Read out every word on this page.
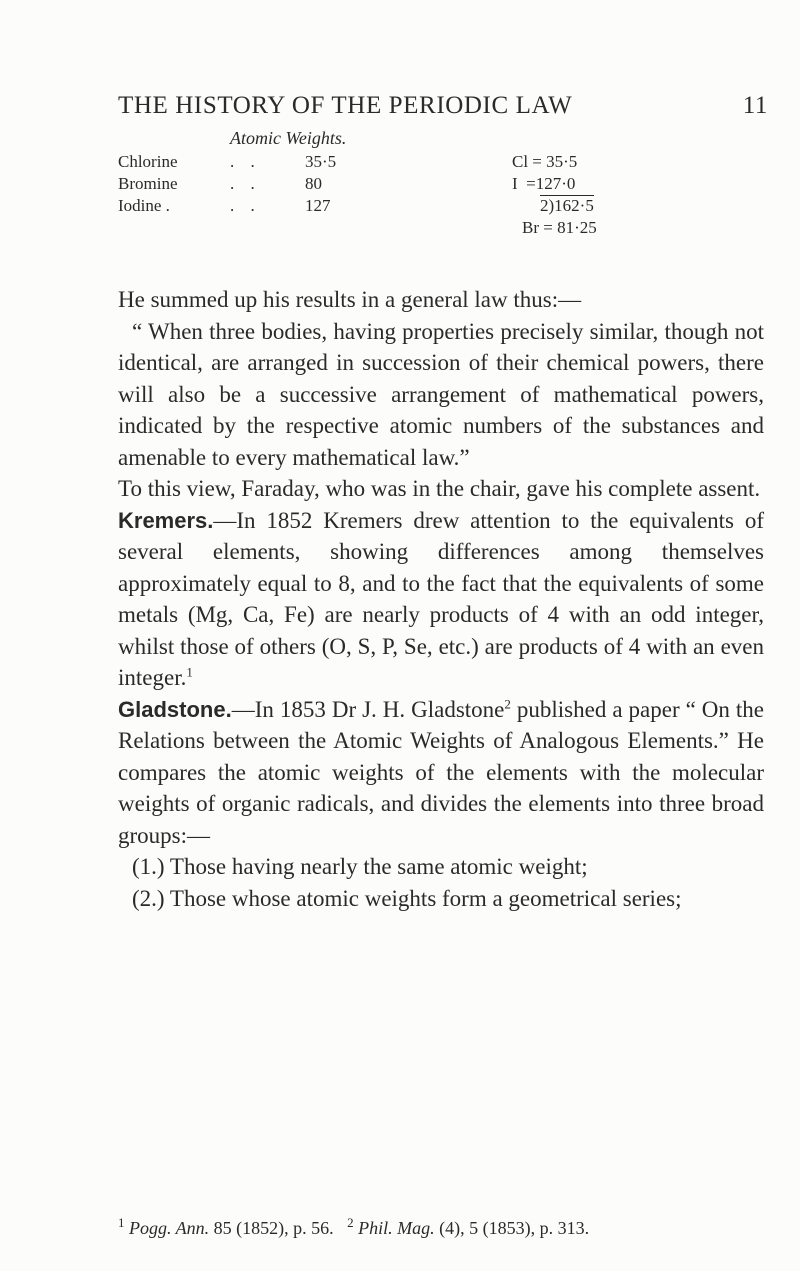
THE HISTORY OF THE PERIODIC LAW	11
Atomic Weights.
Chlorine	. .	35·5
Bromine	. .	80
Iodine .	. .	127
Cl = 35·5
I  =127·0
2)162·5
Br = 81·25

He summed up his results in a general law thus:—

“ When three bodies, having properties precisely similar, though not identical, are arranged in succession of their chemical powers, there will also be a successive arrangement of mathematical powers, indicated by the respective atomic numbers of the substances and amenable to every mathematical law.”

To this view, Faraday, who was in the chair, gave his complete assent.

Kremers.—In 1852 Kremers drew attention to the equivalents of several elements, showing differences among themselves approximately equal to 8, and to the fact that the equivalents of some metals (Mg, Ca, Fe) are nearly products of 4 with an odd integer, whilst those of others (O, S, P, Se, etc.) are products of 4 with an even integer.$^1$

Gladstone.—In 1853 Dr J. H. Gladstone$^2$ published a paper “ On the Relations between the Atomic Weights of Analogous Elements.” He compares the atomic weights of the elements with the molecular weights of organic radicals, and divides the elements into three broad groups:—

(1.) Those having nearly the same atomic weight;

(2.) Those whose atomic weights form a geometrical series;

$^1$ Pogg. Ann. 85 (1852), p. 56. $^2$ Phil. Mag. (4), 5 (1853), p. 313.
